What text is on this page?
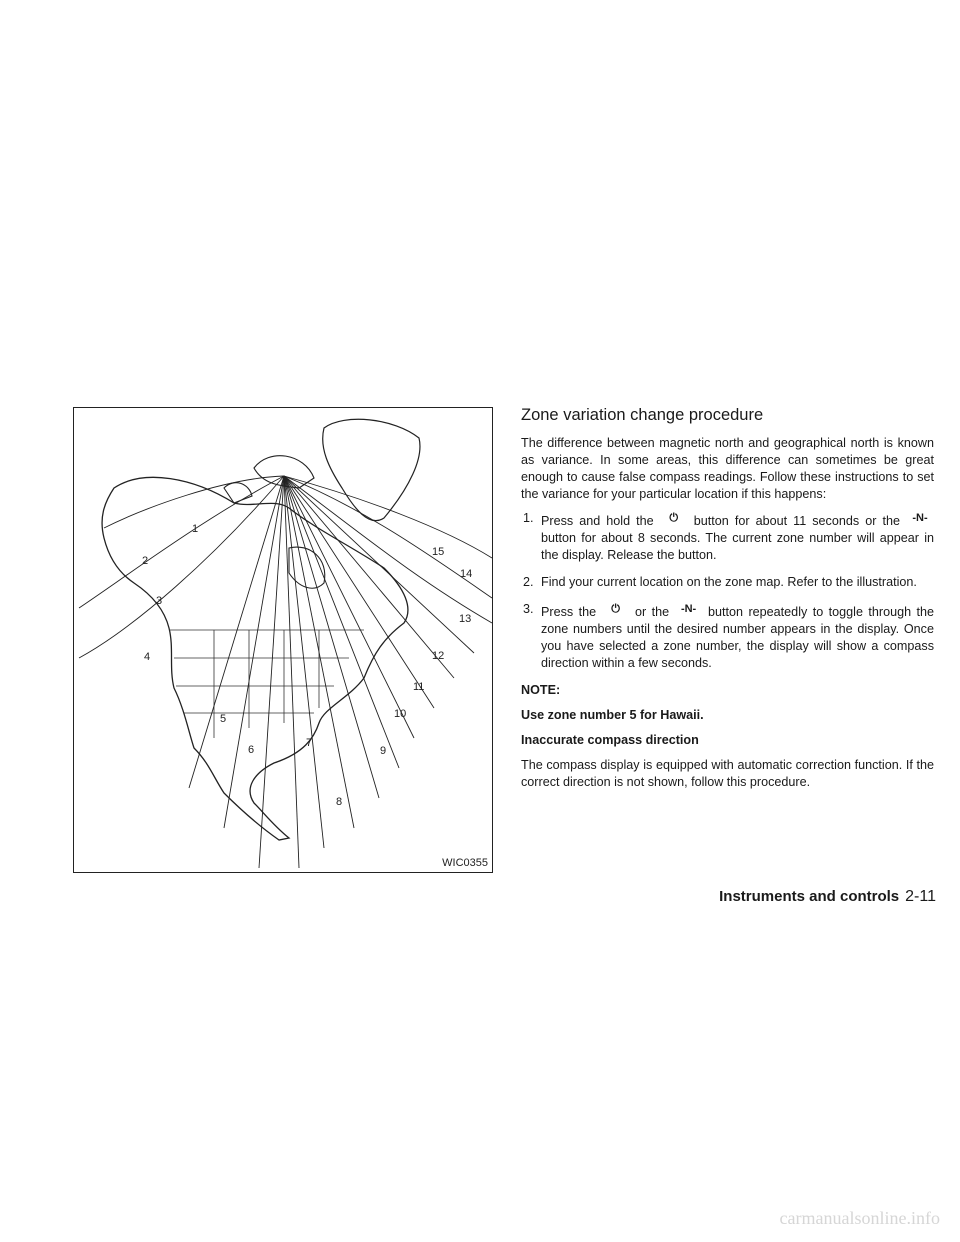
1
2
3
4
5
6
7
8
9
10
11
12
13
14
15
WIC0355
Zone variation change procedure

The difference between magnetic north and geographical north is known as variance. In some areas, this difference can sometimes be great enough to cause false compass readings. Follow these instructions to set the variance for your particular location if this happens:

1. Press and hold the ⏻ button for about 11 seconds or the -N- button for about 8 seconds. The current zone number will appear in the display. Release the button.
2. Find your current location on the zone map. Refer to the illustration.
3. Press the ⏻ or the -N- button repeatedly to toggle through the zone numbers until the desired number appears in the display. Once you have selected a zone number, the display will show a compass direction within a few seconds.

NOTE:

Use zone number 5 for Hawaii.

Inaccurate compass direction

The compass display is equipped with automatic correction function. If the correct direction is not shown, follow this procedure.

Instruments and controls 2-11
carmanualsonline.info
